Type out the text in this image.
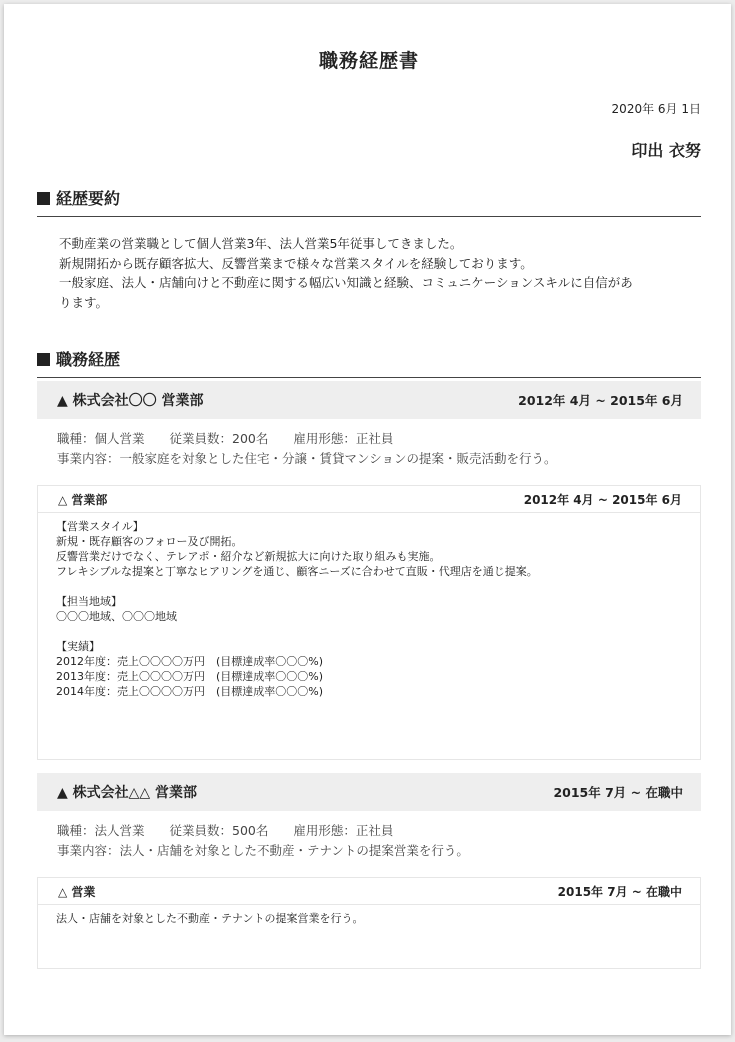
職務経歴書
2020年 6月 1日
印出 衣努
経歴要約

不動産業の営業職として個人営業3年、法人営業5年従事してきました。

新規開拓から既存顧客拡大、反響営業まで様々な営業スタイルを経験しております。

一般家庭、法人・店舗向けと不動産に関する幅広い知識と経験、コミュニケーションスキルに自信があ

ります。

職務経歴
▲ 株式会社〇〇 営業部	2012年 4月 ~ 2015年 6月

職種：個人営業　　従業員数：200名　　雇用形態：正社員

事業内容：一般家庭を対象とした住宅・分譲・賃貸マンションの提案・販売活動を行う。

△ 営業部	2012年 4月 ~ 2015年 6月

【営業スタイル】

新規・既存顧客のフォロー及び開拓。

反響営業だけでなく、テレアポ・紹介など新規拡大に向けた取り組みも実施。

フレキシブルな提案と丁寧なヒアリングを通じ、顧客ニーズに合わせて直販・代理店を通じ提案。

【担当地域】

〇〇〇地域、〇〇〇地域

【実績】

2012年度：売上〇〇〇〇万円　(目標達成率〇〇〇%)

2013年度：売上〇〇〇〇万円　(目標達成率〇〇〇%)

2014年度：売上〇〇〇〇万円　(目標達成率〇〇〇%)

▲ 株式会社△△ 営業部	2015年 7月 ~ 在職中

職種：法人営業　　従業員数：500名　　雇用形態：正社員

事業内容：法人・店舗を対象とした不動産・テナントの提案営業を行う。

△ 営業	2015年 7月 ~ 在職中

法人・店舗を対象とした不動産・テナントの提案営業を行う。
